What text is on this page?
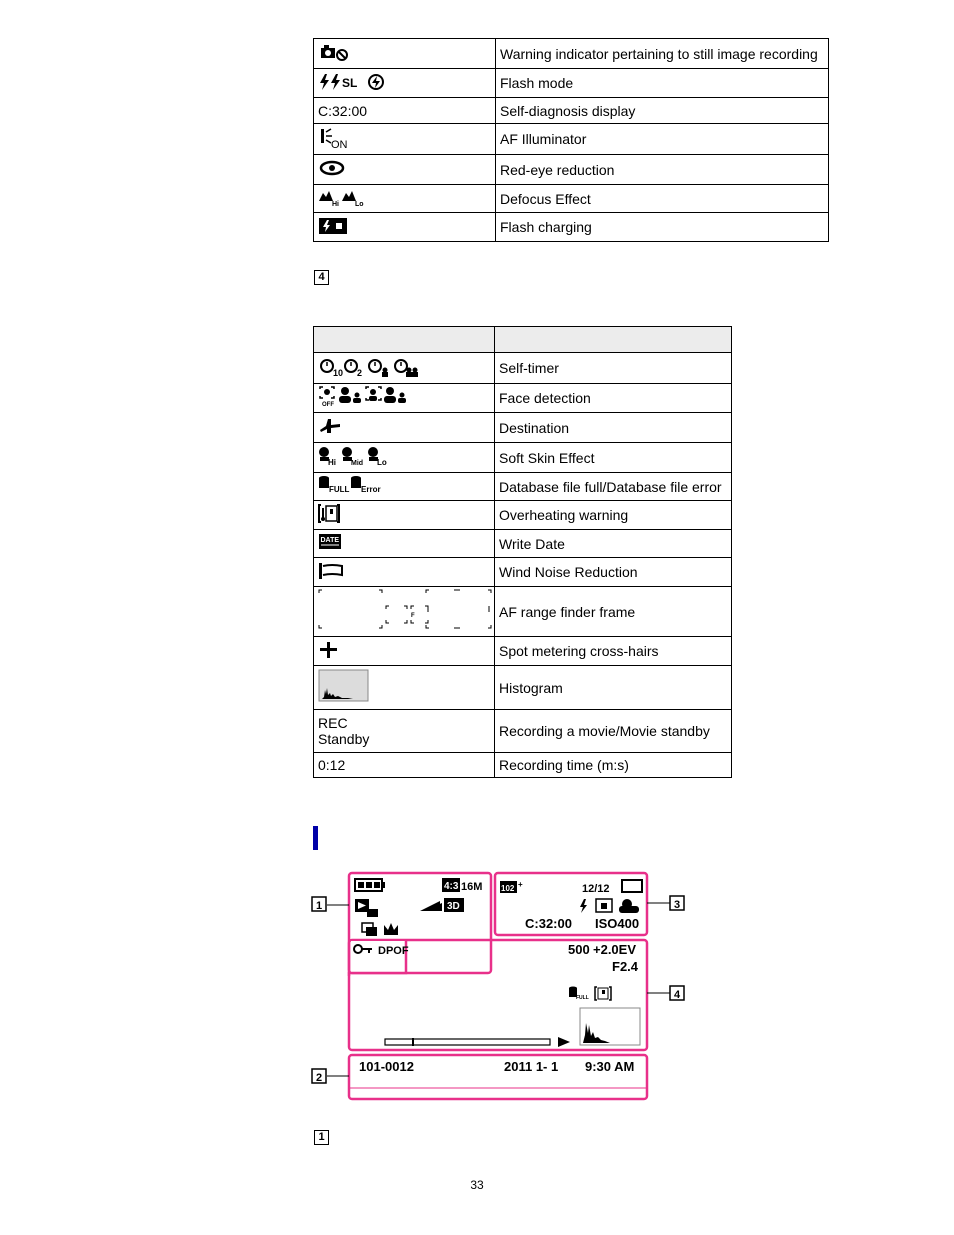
	Warning indicator pertaining to still image recording

SL	Flash mode
C:32:00	Self-diagnosis display

ON	AF Illuminator
	Red-eye reduction

Hi Lo	Defocus Effect
	Flash charging
4

10 2	Self-timer

OFF	Face detection
	Destination

Hi Mid Lo	Soft Skin Effect

FULL Error	Database file full/Database file error
	Overheating warning

DATE	Write Date
	Wind Noise Reduction

F	AF range finder frame
	Spot metering cross-hairs
	Histogram

REC
Standby	Recording a movie/Movie standby
0:12	Recording time (m:s)
1	3
4
2
4:3 16M
3D
DPOF
102 +	12/12
C:32:00 ISO400
500 +2.0EV
F2.4
FULL
101-0012	2011 1- 1 9:30 AM
1
33
